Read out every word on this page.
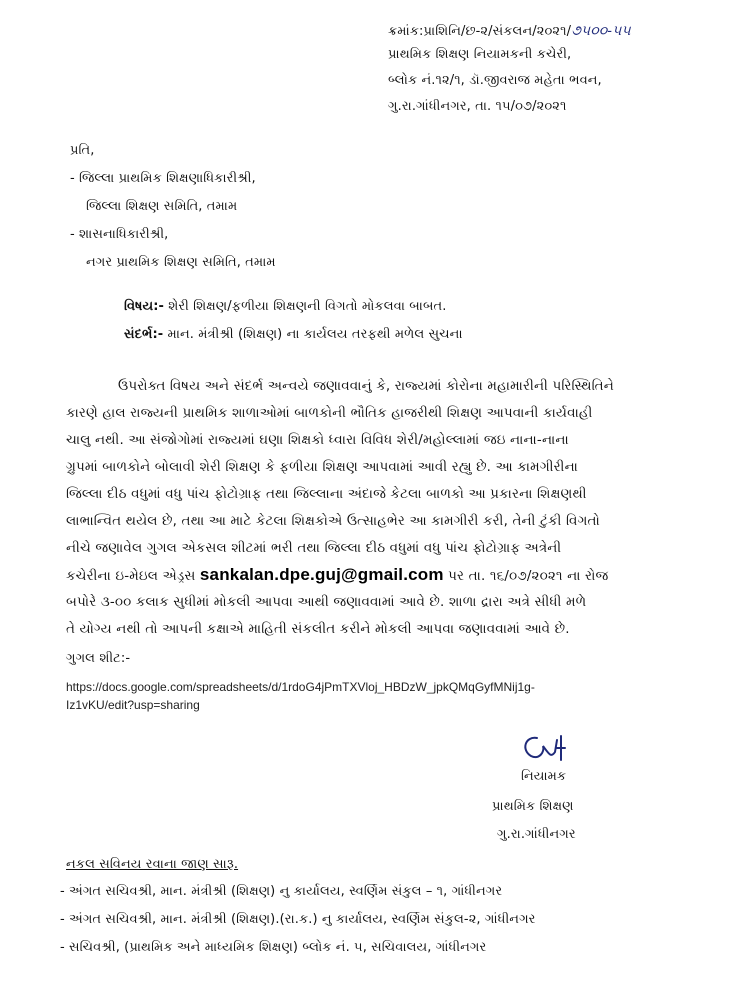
ક્રમાંક:પ્રાશિનિ/છ-૨/સંકલન/૨૦૨૧/૭૫૦૦-૫૫
પ્રાથમિક શિક્ષણ નિયામકની કચેરી,
બ્લોક નં.૧૨/૧, ડૉ.જીવરાજ મહેતા ભવન,
ગુ.રા.ગાંધીનગર, તા. ૧૫/૦૭/૨૦૨૧
પ્રતિ,
- જિલ્લા પ્રાથમિક શિક્ષણાધિકારીશ્રી,
જિલ્લા શિક્ષણ સમિતિ, તમામ
- શાસનાધિકારીશ્રી,
નગર પ્રાથમિક શિક્ષણ સમિતિ, તમામ
વિષય:- શેરી શિક્ષણ/ફળીયા શિક્ષણની વિગતો મોકલવા બાબત.
સંદર્ભ:- માન. મંત્રીશ્રી (શિક્ષણ) ના કાર્યલય તરફથી મળેલ સુચના
ઉપરોક્ત વિષય અને સંદર્ભ અન્વયે જણાવવાનું કે, રાજ્યમાં કોરોના મહામારીની પરિસ્થિતિને
કારણે હાલ રાજ્યની પ્રાથમિક શાળાઓમાં બાળકોની ભૌતિક હાજરીથી શિક્ષણ આપવાની કાર્યવાહી
ચાલુ નથી. આ સંજોગોમાં રાજ્યમાં ઘણા શિક્ષકો ધ્વારા વિવિધ શેરી/મહોલ્લામાં જઇ નાના-નાના
ગ્રુપમાં બાળકોને બોલાવી શેરી શિક્ષણ કે ફળીયા શિક્ષણ આપવામાં આવી રહ્યુ છે. આ કામગીરીના
જિલ્લા દીઠ વધુમાં વધુ પાંચ ફોટોગ્રાફ તથા જિલ્લાના અંદાજે કેટલા બાળકો આ પ્રકારના શિક્ષણથી
લાભાન્વિત થયેલ છે, તથા આ માટે કેટલા શિક્ષકોએ ઉત્સાહભેર આ કામગીરી કરી, તેની ટુંકી વિગતો
નીચે જણાવેલ ગુગલ એકસલ શીટમાં ભરી તથા જિલ્લા દીઠ વધુમાં વધુ પાંચ ફોટોગ્રાફ અત્રેની
કચેરીના ઇ-મેઇલ એડ્રસ sankalan.dpe.guj@gmail.com પર તા. ૧૬/૦૭/૨૦૨૧ ના રોજ
બપોરે ૩-૦૦ કલાક સુધીમાં મોકલી આપવા આથી જણાવવામાં આવે છે. શાળા દ્રારા અત્રે સીધી મળે
તે યોગ્ય નથી તો આપની કક્ષાએ માહિતી સંકલીત કરીને મોકલી આપવા જણાવવામાં આવે છે.
ગુગલ શીટ:-
https://docs.google.com/spreadsheets/d/1rdoG4jPmTXVloj_HBDzW_jpkQMqGyfMNij1g-
Iz1vKU/edit?usp=sharing
નિયામક
પ્રાથમિક શિક્ષણ
ગુ.રા.ગાંધીનગર
નકલ સવિનય રવાના જાણ સારૂ.
- અંગત સચિવશ્રી, માન. મંત્રીશ્રી (શિક્ષણ) નુ કાર્યાલય, સ્વર્ણિમ સંકુલ – ૧, ગાંધીનગર
- અંગત સચિવશ્રી, માન. મંત્રીશ્રી (શિક્ષણ).(રા.ક.) નુ કાર્યાલય, સ્વર્ણિમ સંકુલ-૨, ગાંધીનગર
- સચિવશ્રી, (પ્રાથમિક અને માધ્યમિક શિક્ષણ) બ્લોક નં. ૫, સચિવાલય, ગાંધીનગર
